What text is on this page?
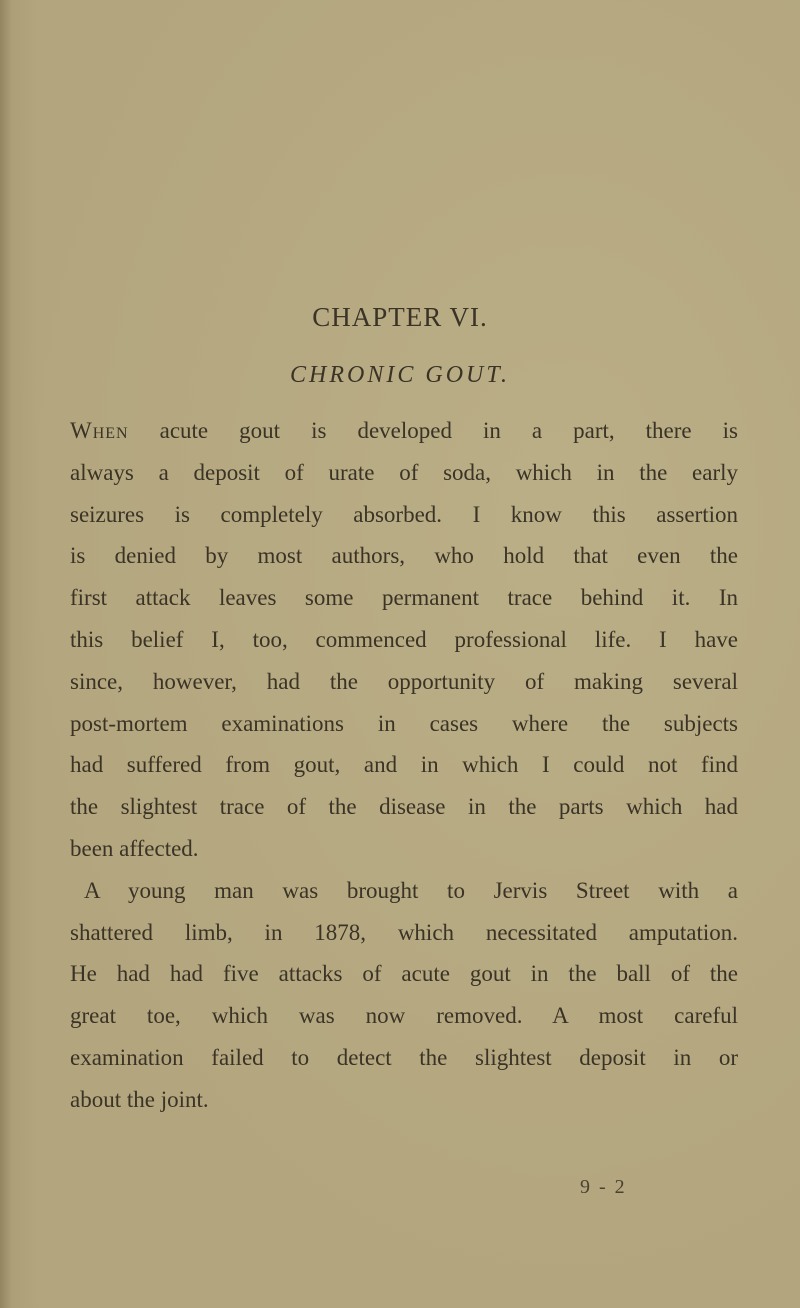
CHAPTER VI.
CHRONIC GOUT.
When acute gout is developed in a part, there is
always a deposit of urate of soda, which in the early
seizures is completely absorbed. I know this assertion
is denied by most authors, who hold that even the
first attack leaves some permanent trace behind it. In
this belief I, too, commenced professional life. I have
since, however, had the opportunity of making several
post-mortem examinations in cases where the subjects
had suffered from gout, and in which I could not find
the slightest trace of the disease in the parts which had
been affected.
A young man was brought to Jervis Street with a
shattered limb, in 1878, which necessitated amputation.
He had had five attacks of acute gout in the ball of the
great toe, which was now removed. A most careful
examination failed to detect the slightest deposit in or
about the joint.
9 - 2
